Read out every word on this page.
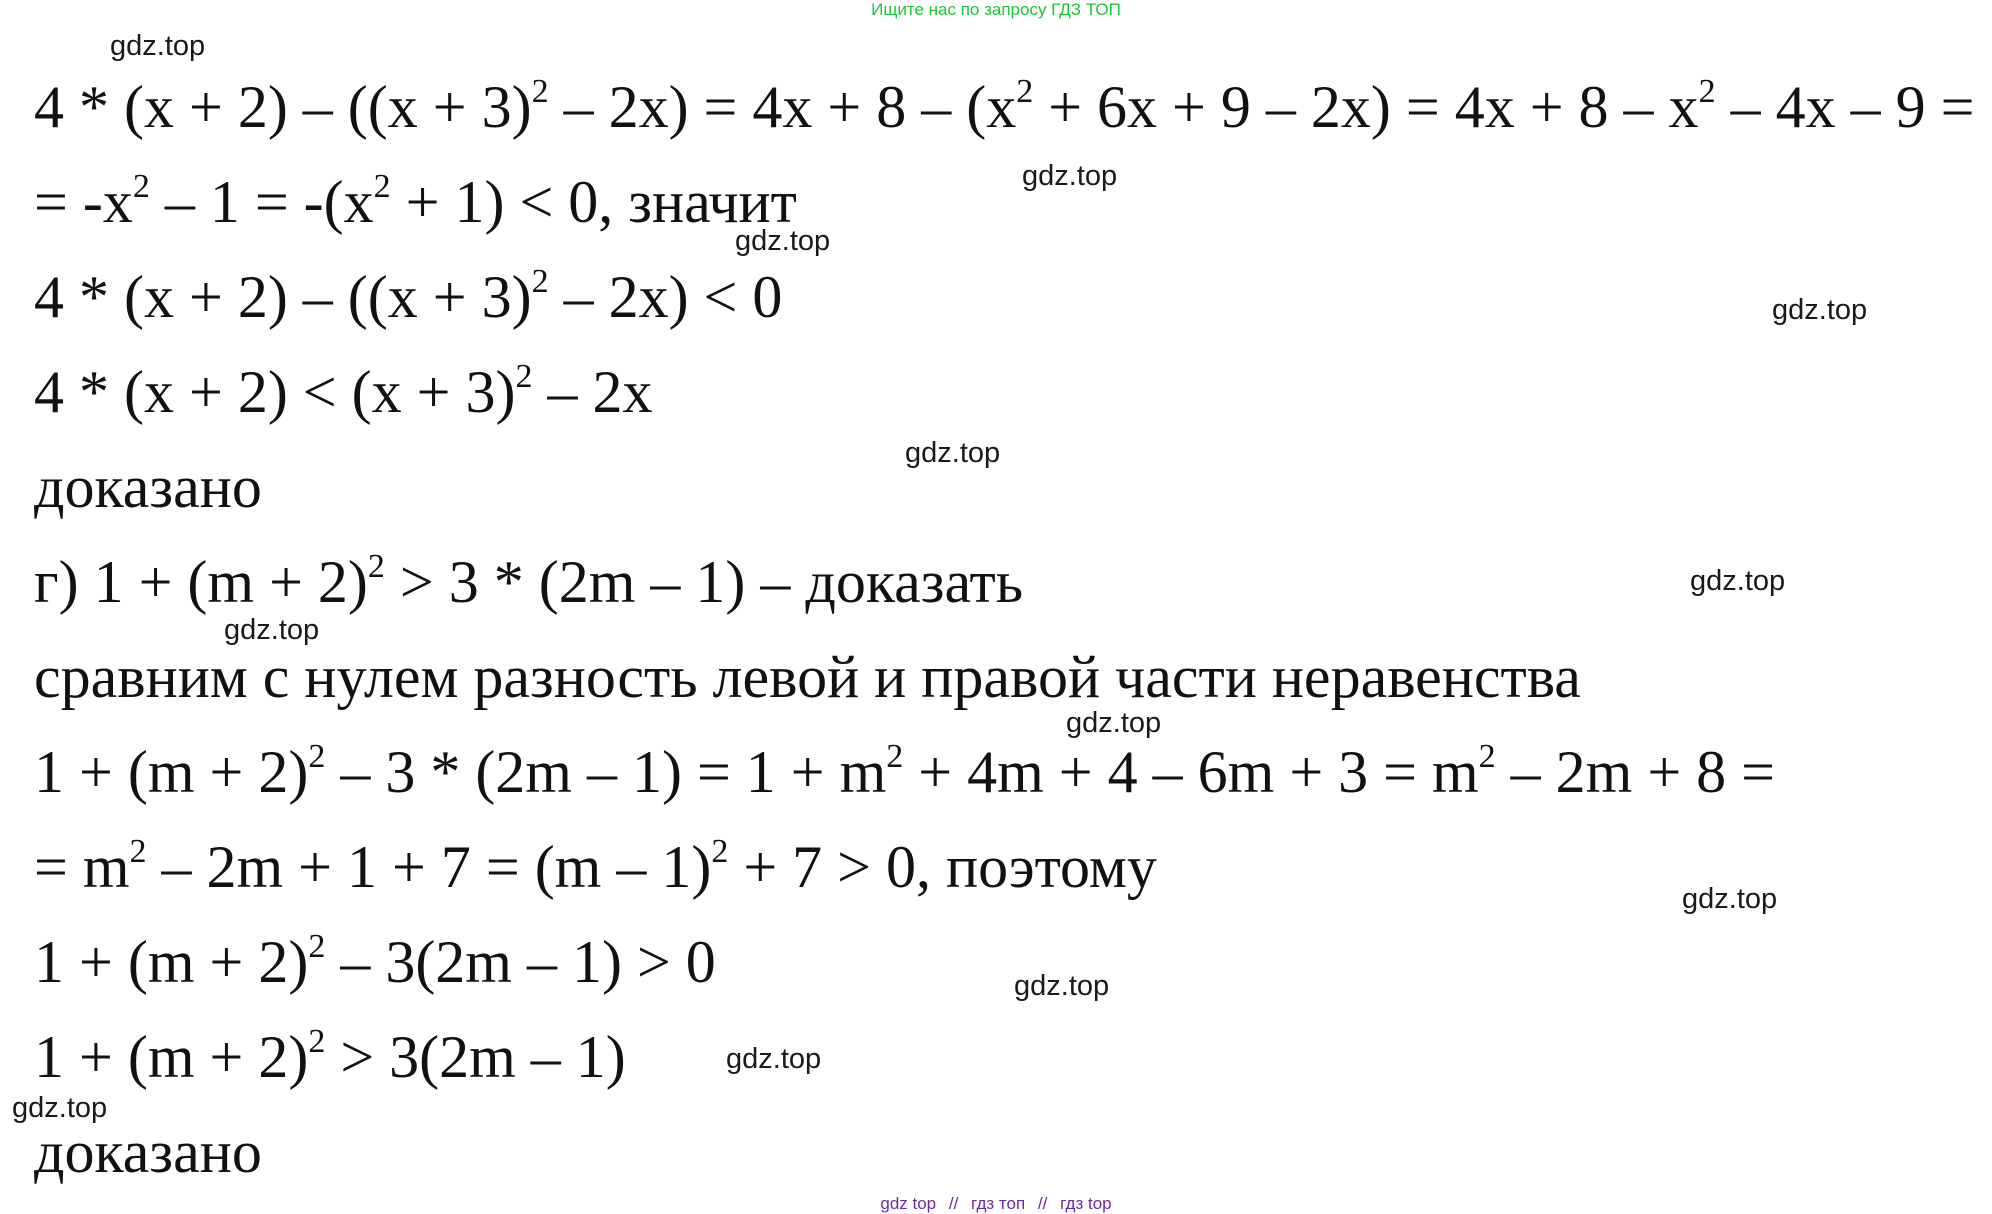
Ищите нас по запросу ГДЗ ТОП
$4 * (x + 2) - ((x + 3)^2 - 2x) = 4x + 8 - (x^2 + 6x + 9 - 2x) = 4x + 8 - x^2 - 4x - 9$ =
= $-x^2 - 1 = -(x^2 + 1) < 0$, значит
$4 * (x + 2) - ((x + 3)^2 - 2x) < 0$
$4 * (x + 2) < (x + 3)^2 - 2x$
доказано
г) $1 + (m + 2)^2 > 3 * (2m - 1)$ – доказать
сравним с нулем разность левой и правой части неравенства
$1 + (m + 2)^2 - 3 * (2m - 1) = 1 + m^2 + 4m + 4 - 6m + 3 = m^2 - 2m + 8$ =
= $m^2 - 2m + 1 + 7 = (m - 1)^2 + 7 > 0$, поэтому
$1 + (m + 2)^2 - 3(2m - 1) > 0$
$1 + (m + 2)^2 > 3(2m - 1)$
доказано
gdz.top
gdz.top
gdz.top
gdz.top
gdz.top
gdz.top
gdz.top
gdz.top
gdz.top
gdz.top
gdz.top
gdz.top
gdz top // гдз топ // гдз top
